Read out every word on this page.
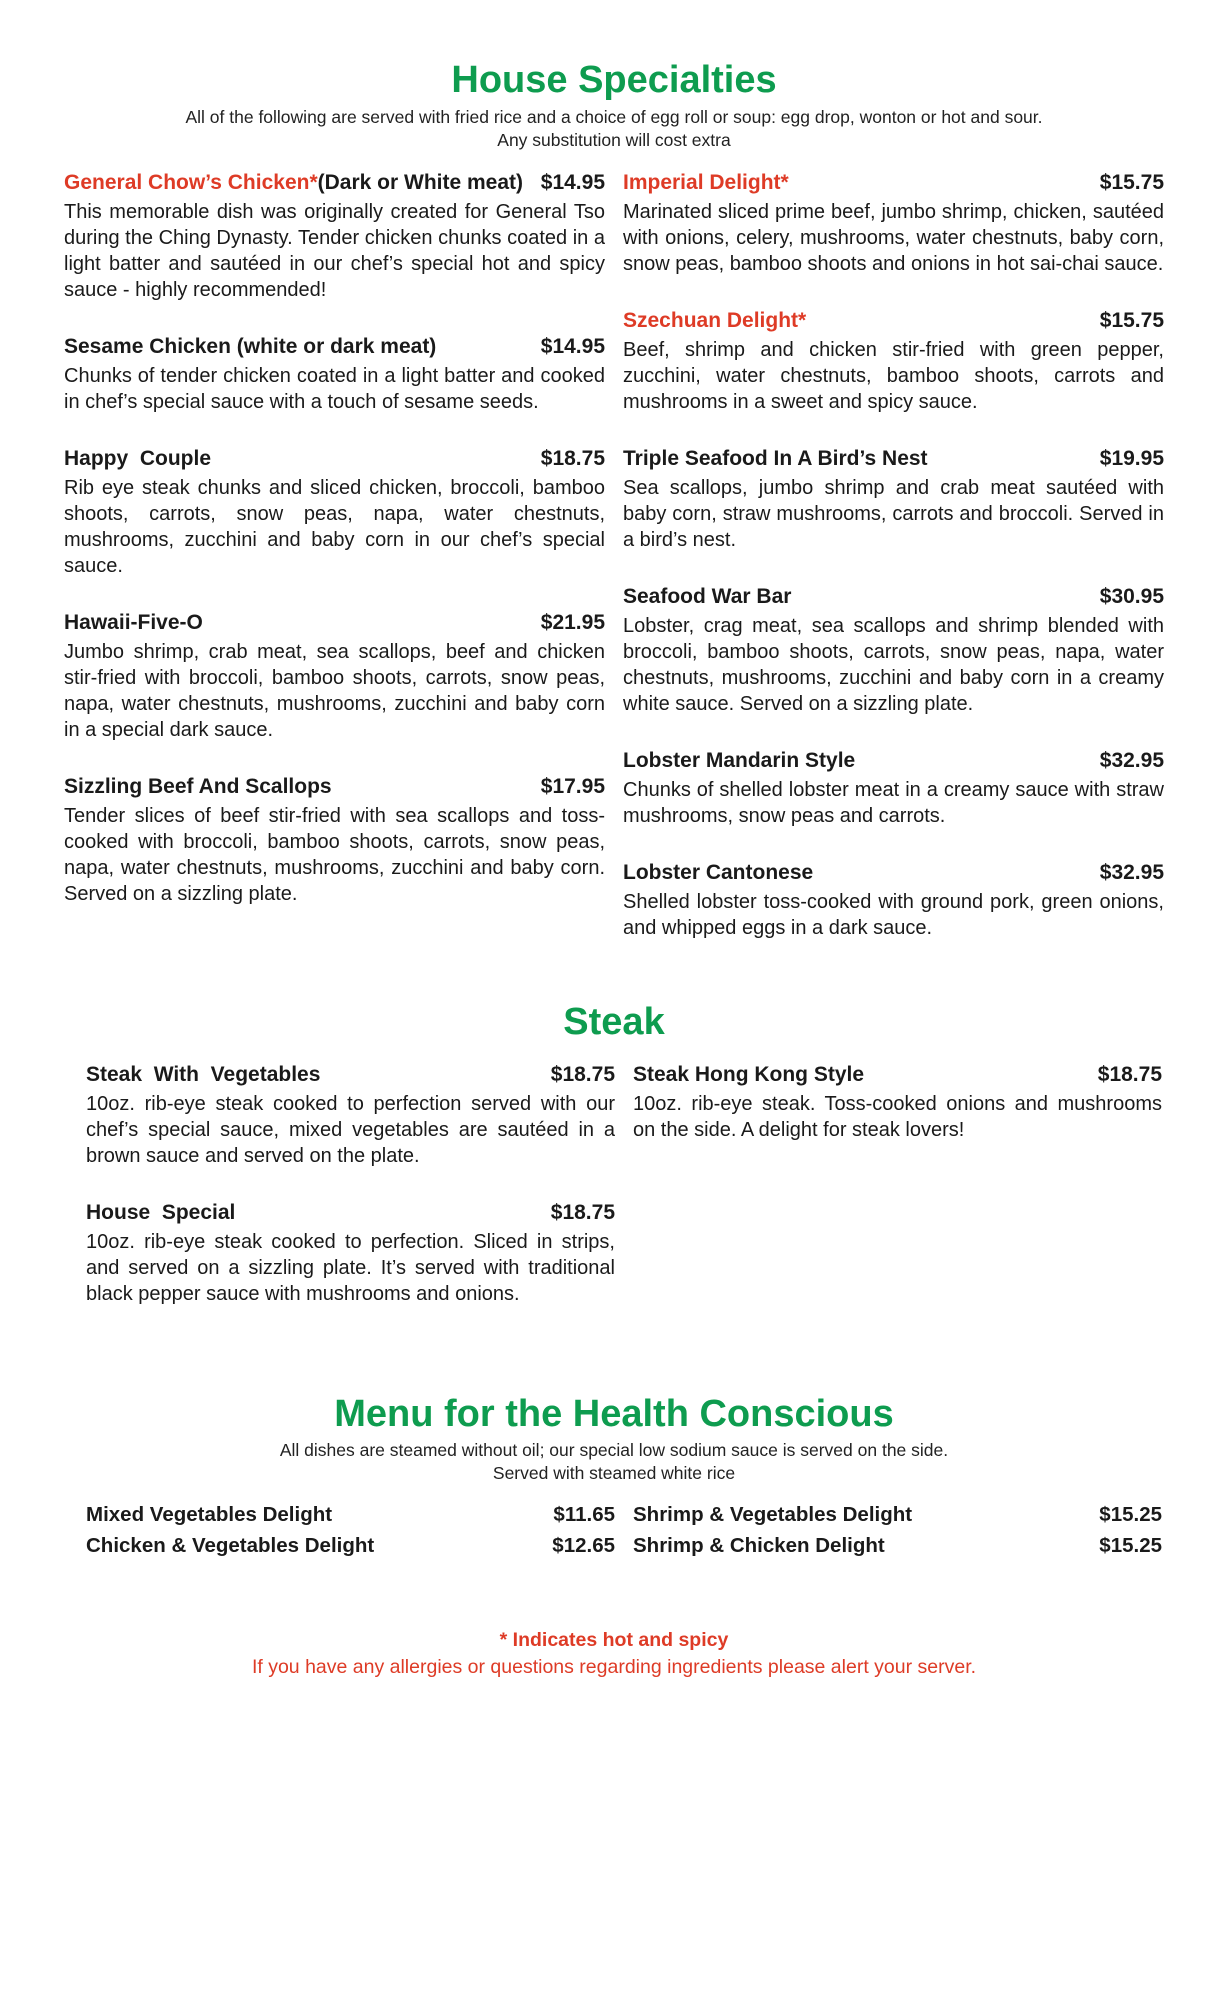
House Specialties
All of the following are served with fried rice and a choice of egg roll or soup: egg drop, wonton or hot and sour.
Any substitution will cost extra
General Chow’s Chicken* (Dark or White meat) $14.95
This memorable dish was originally created for General Tso during the Ching Dynasty. Tender chicken chunks coated in a light batter and sautéed in our chef’s special hot and spicy sauce - highly recommended!
Sesame Chicken (white or dark meat)	$14.95
Chunks of tender chicken coated in a light batter and cooked in chef’s special sauce with a touch of sesame seeds.
Happy  Couple	$18.75
Rib eye steak chunks and sliced chicken, broccoli, bamboo shoots, carrots, snow peas, napa, water chestnuts, mushrooms, zucchini and baby corn in our chef’s special sauce.
Hawaii-Five-O	$21.95
Jumbo shrimp, crab meat, sea scallops, beef and chicken stir-fried with broccoli, bamboo shoots, carrots, snow peas, napa, water chestnuts, mushrooms, zucchini and baby corn in a special dark sauce.
Sizzling Beef And Scallops	$17.95
Tender slices of beef stir-fried with sea scallops and toss-cooked with broccoli, bamboo shoots, carrots, snow peas, napa, water chestnuts, mushrooms, zucchini and baby corn. Served on a sizzling plate.
Imperial Delight*	$15.75
Marinated sliced prime beef, jumbo shrimp, chicken, sautéed with onions, celery, mushrooms, water chestnuts, baby corn, snow peas, bamboo shoots and onions in hot sai-chai sauce.
Szechuan Delight*	$15.75
Beef, shrimp and chicken stir-fried with green pepper, zucchini, water chestnuts, bamboo shoots, carrots and mushrooms in a sweet and spicy sauce.
Triple Seafood In A Bird’s Nest	$19.95
Sea scallops, jumbo shrimp and crab meat sautéed with baby corn, straw mushrooms, carrots and broccoli. Served in a bird’s nest.
Seafood War Bar	$30.95
Lobster, crag meat, sea scallops and shrimp blended with broccoli, bamboo shoots, carrots, snow peas, napa, water chestnuts, mushrooms, zucchini and baby corn in a creamy white sauce. Served on a sizzling plate.
Lobster Mandarin Style	$32.95
Chunks of shelled lobster meat in a creamy sauce with straw mushrooms, snow peas and carrots.
Lobster Cantonese	$32.95
Shelled lobster toss-cooked with ground pork, green onions, and whipped eggs in a dark sauce.
Steak
Steak  With  Vegetables	$18.75
10oz. rib-eye steak cooked to perfection served with our chef’s special sauce, mixed vegetables are sautéed in a brown sauce and served on the plate.
House  Special	$18.75
10oz. rib-eye steak cooked to perfection. Sliced in strips, and served on a sizzling plate. It’s served with traditional black pepper sauce with mushrooms and onions.
Steak Hong Kong Style	$18.75
10oz. rib-eye steak. Toss-cooked onions and mushrooms on the side. A delight for steak lovers!
Menu for the Health Conscious
All dishes are steamed without oil; our special low sodium sauce is served on the side.
Served with steamed white rice
Mixed Vegetables Delight	$11.65
Chicken & Vegetables Delight	$12.65
Shrimp & Vegetables Delight	$15.25
Shrimp & Chicken Delight	$15.25
* Indicates hot and spicy
If you have any allergies or questions regarding ingredients please alert your server.
